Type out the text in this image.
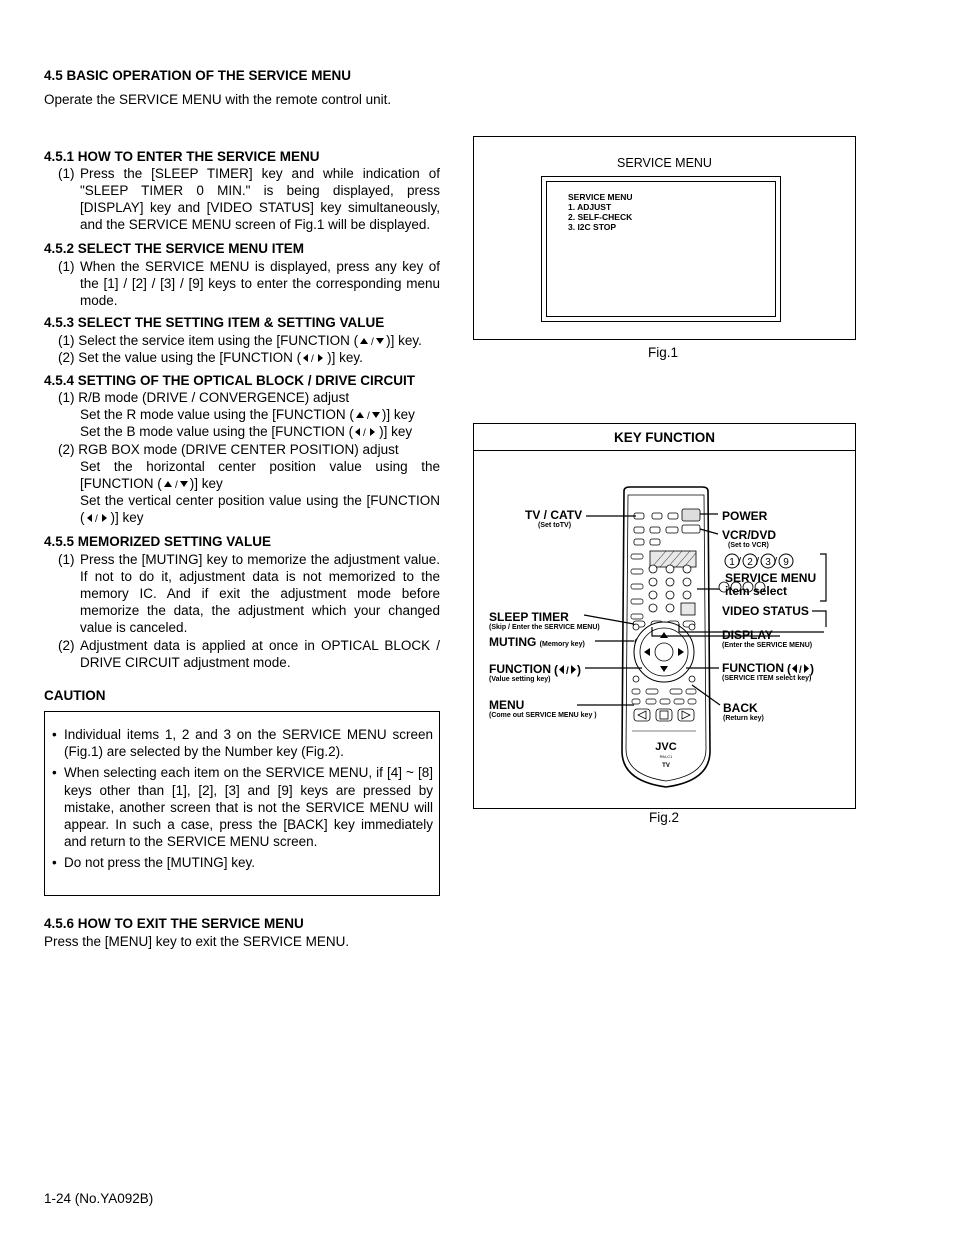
4.5 BASIC OPERATION OF THE SERVICE MENU
Operate the SERVICE MENU with the remote control unit.
4.5.1 HOW TO ENTER THE SERVICE MENU
(1) Press the [SLEEP TIMER] key and while indication of "SLEEP TIMER 0 MIN." is being displayed, press [DISPLAY] key and [VIDEO STATUS] key simultaneously, and the SERVICE MENU screen of Fig.1 will be displayed.
4.5.2 SELECT THE SERVICE MENU ITEM
(1) When the SERVICE MENU is displayed, press any key of the [1] / [2] / [3] / [9] keys to enter the corresponding menu mode.
4.5.3 SELECT THE SETTING ITEM & SETTING VALUE
(1) Select the service item using the [FUNCTION ( / )] key.
(2) Set the value using the [FUNCTION ( / )] key.
4.5.4 SETTING OF THE OPTICAL BLOCK / DRIVE CIRCUIT
(1) R/B mode (DRIVE / CONVERGENCE) adjust
Set the R mode value using the [FUNCTION ( / )] key
Set the B mode value using the [FUNCTION ( / )] key
(2) RGB BOX mode (DRIVE CENTER POSITION) adjust
Set the horizontal center position value using the [FUNCTION ( / )] key
Set the vertical center position value using the [FUNCTION ( / )] key
4.5.5 MEMORIZED SETTING VALUE
(1) Press the [MUTING] key to memorize the adjustment value. If not to do it, adjustment data is not memorized to the memory IC. And if exit the adjustment mode before memorize the data, the adjustment which your changed value is canceled.
(2) Adjustment data is applied at once in OPTICAL BLOCK / DRIVE CIRCUIT adjustment mode.
CAUTION
• Individual items 1, 2 and 3 on the SERVICE MENU screen (Fig.1) are selected by the Number key (Fig.2).
• When selecting each item on the SERVICE MENU, if [4] ~ [8] keys other than [1], [2], [3] and [9] keys are pressed by mistake, another screen that is not the SERVICE MENU will appear. In such a case, press the [BACK] key immediately and return to the SERVICE MENU screen.
• Do not press the [MUTING] key.
4.5.6 HOW TO EXIT THE SERVICE MENU
Press the [MENU] key to exit the SERVICE MENU.
1-24 (No.YA092B)
SERVICE MENU
SERVICE MENU
1. ADJUST
2. SELF-CHECK
3. I2C STOP
Fig.1
KEY FUNCTION
JVC
RM-C1
TV
TV / CATV
(Set toTV)
SLEEP TIMER
(Skip / Enter the SERVICE MENU)
MUTING (Memory key)
FUNCTION ( / )
(Value setting key)
MENU
(Come out SERVICE MENU key )
POWER
VCR/DVD
(Set to VCR)
SERVICE MENU
item select
VIDEO STATUS
DISPLAY
(Enter the SERVICE MENU)
FUNCTION ( / )
(SERVICE ITEM select key)
BACK
(Return key)
1 2 3 9
/ / /
Fig.2
